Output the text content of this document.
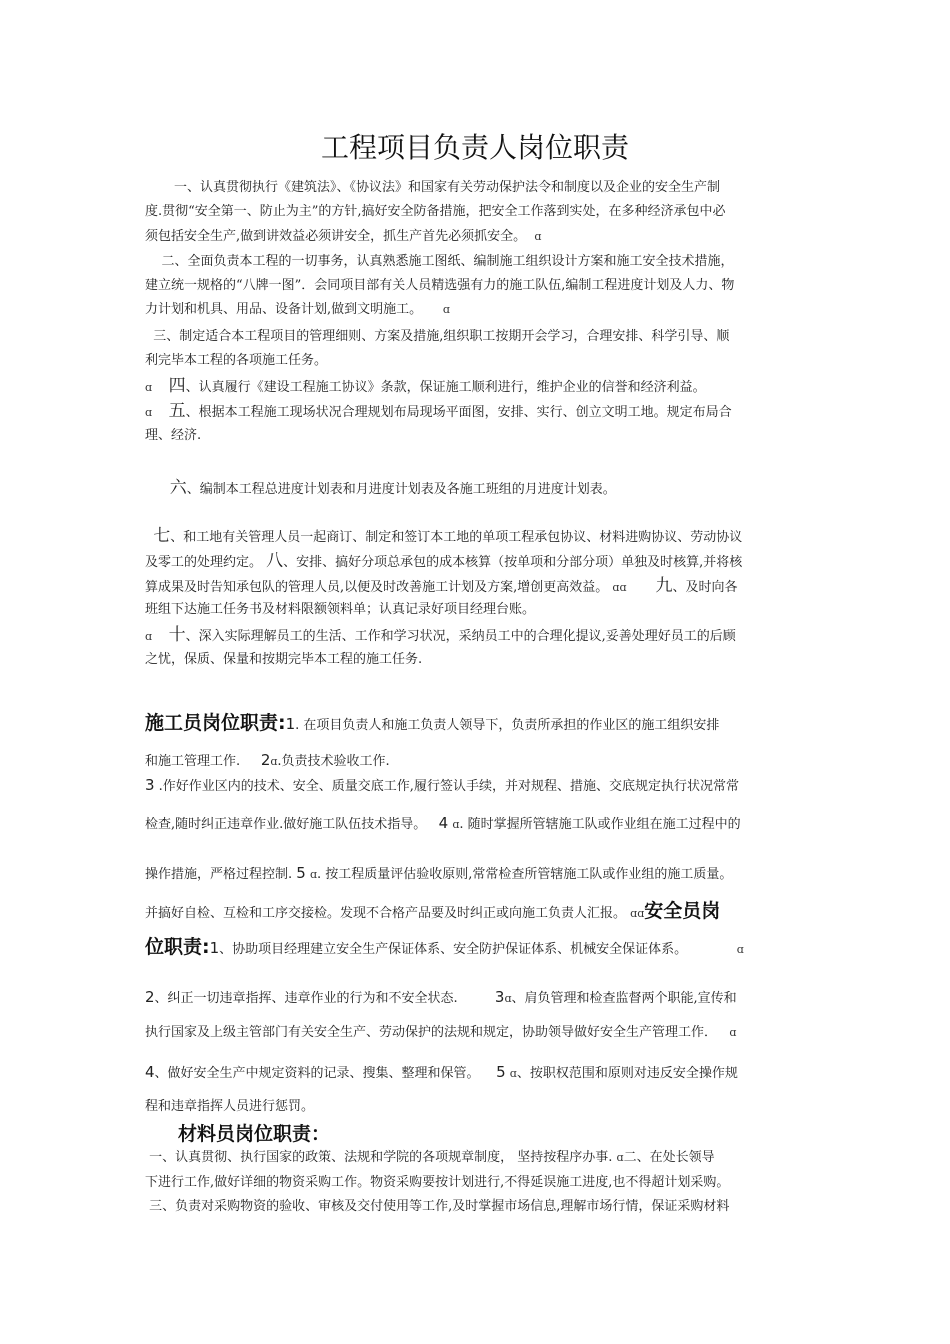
工程项目负责人岗位职责
一、认真贯彻执行《建筑法》、《协议法》和国家有关劳动保护法令和制度以及企业的安全生产制
度.贯彻“安全第一、防止为主”的方针,搞好安全防备措施，把安全工作落到实处，在多种经济承包中必
须包括安全生产,做到讲效益必须讲安全，抓生产首先必须抓安全。 ɑ
二、全面负责本工程的一切事务，认真熟悉施工图纸、编制施工组织设计方案和施工安全技术措施，
建立统一规格的“八牌一图”．会同项目部有关人员精选强有力的施工队伍,编制工程进度计划及人力、物
力计划和机具、用品、设备计划,做到文明施工。 ɑ
三、制定适合本工程项目的管理细则、方案及措施,组织职工按期开会学习，合理安排、科学引导、顺
利完毕本工程的各项施工任务。
ɑ 四、认真履行《建设工程施工协议》条款，保证施工顺利进行，维护企业的信誉和经济利益。
ɑ 五、根据本工程施工现场状况合理规划布局现场平面图，安排、实行、创立文明工地。规定布局合
理、经济.
六、编制本工程总进度计划表和月进度计划表及各施工班组的月进度计划表。
七、和工地有关管理人员一起商订、制定和签订本工地的单项工程承包协议、材料进购协议、劳动协议
及零工的处理约定。 八、安排、搞好分项总承包的成本核算（按单项和分部分项）单独及时核算,并将核
算成果及时告知承包队的管理人员,以便及时改善施工计划及方案,增创更高效益。 ɑɑ 九、及时向各
班组下达施工任务书及材料限额领料单；认真记录好项目经理台账。
ɑ 十、深入实际理解员工的生活、工作和学习状况，采纳员工中的合理化提议,妥善处理好员工的后顾
之忧，保质、保量和按期完毕本工程的施工任务.
施工员岗位职责:1. 在项目负责人和施工负责人领导下，负责所承担的作业区的施工组织安排
和施工管理工作. 2ɑ.负责技术验收工作.
3 .作好作业区内的技术、安全、质量交底工作,履行签认手续，并对规程、措施、交底规定执行状况常常
检查,随时纠正违章作业.做好施工队伍技术指导。 4 ɑ. 随时掌握所管辖施工队或作业组在施工过程中的
操作措施，严格过程控制. 5 ɑ. 按工程质量评估验收原则,常常检查所管辖施工队或作业组的施工质量。
并搞好自检、互检和工序交接检。发现不合格产品要及时纠正或向施工负责人汇报。 ɑɑ安全员岗
位职责:1、协助项目经理建立安全生产保证体系、安全防护保证体系、机械安全保证体系。	ɑ
2、纠正一切违章指挥、违章作业的行为和不安全状态. 3ɑ、肩负管理和检查监督两个职能,宣传和
执行国家及上级主管部门有关安全生产、劳动保护的法规和规定，协助领导做好安全生产管理工作． ɑ
4、做好安全生产中规定资料的记录、搜集、整理和保管。 5 ɑ、按职权范围和原则对违反安全操作规
程和违章指挥人员进行惩罚。
材料员岗位职责：
一、认真贯彻、执行国家的政策、法规和学院的各项规章制度， 坚持按程序办事. ɑ二、在处长领导
下进行工作,做好详细的物资采购工作。物资采购要按计划进行,不得延误施工进度,也不得超计划采购。
三、负责对采购物资的验收、审核及交付使用等工作,及时掌握市场信息,理解市场行情，保证采购材料
